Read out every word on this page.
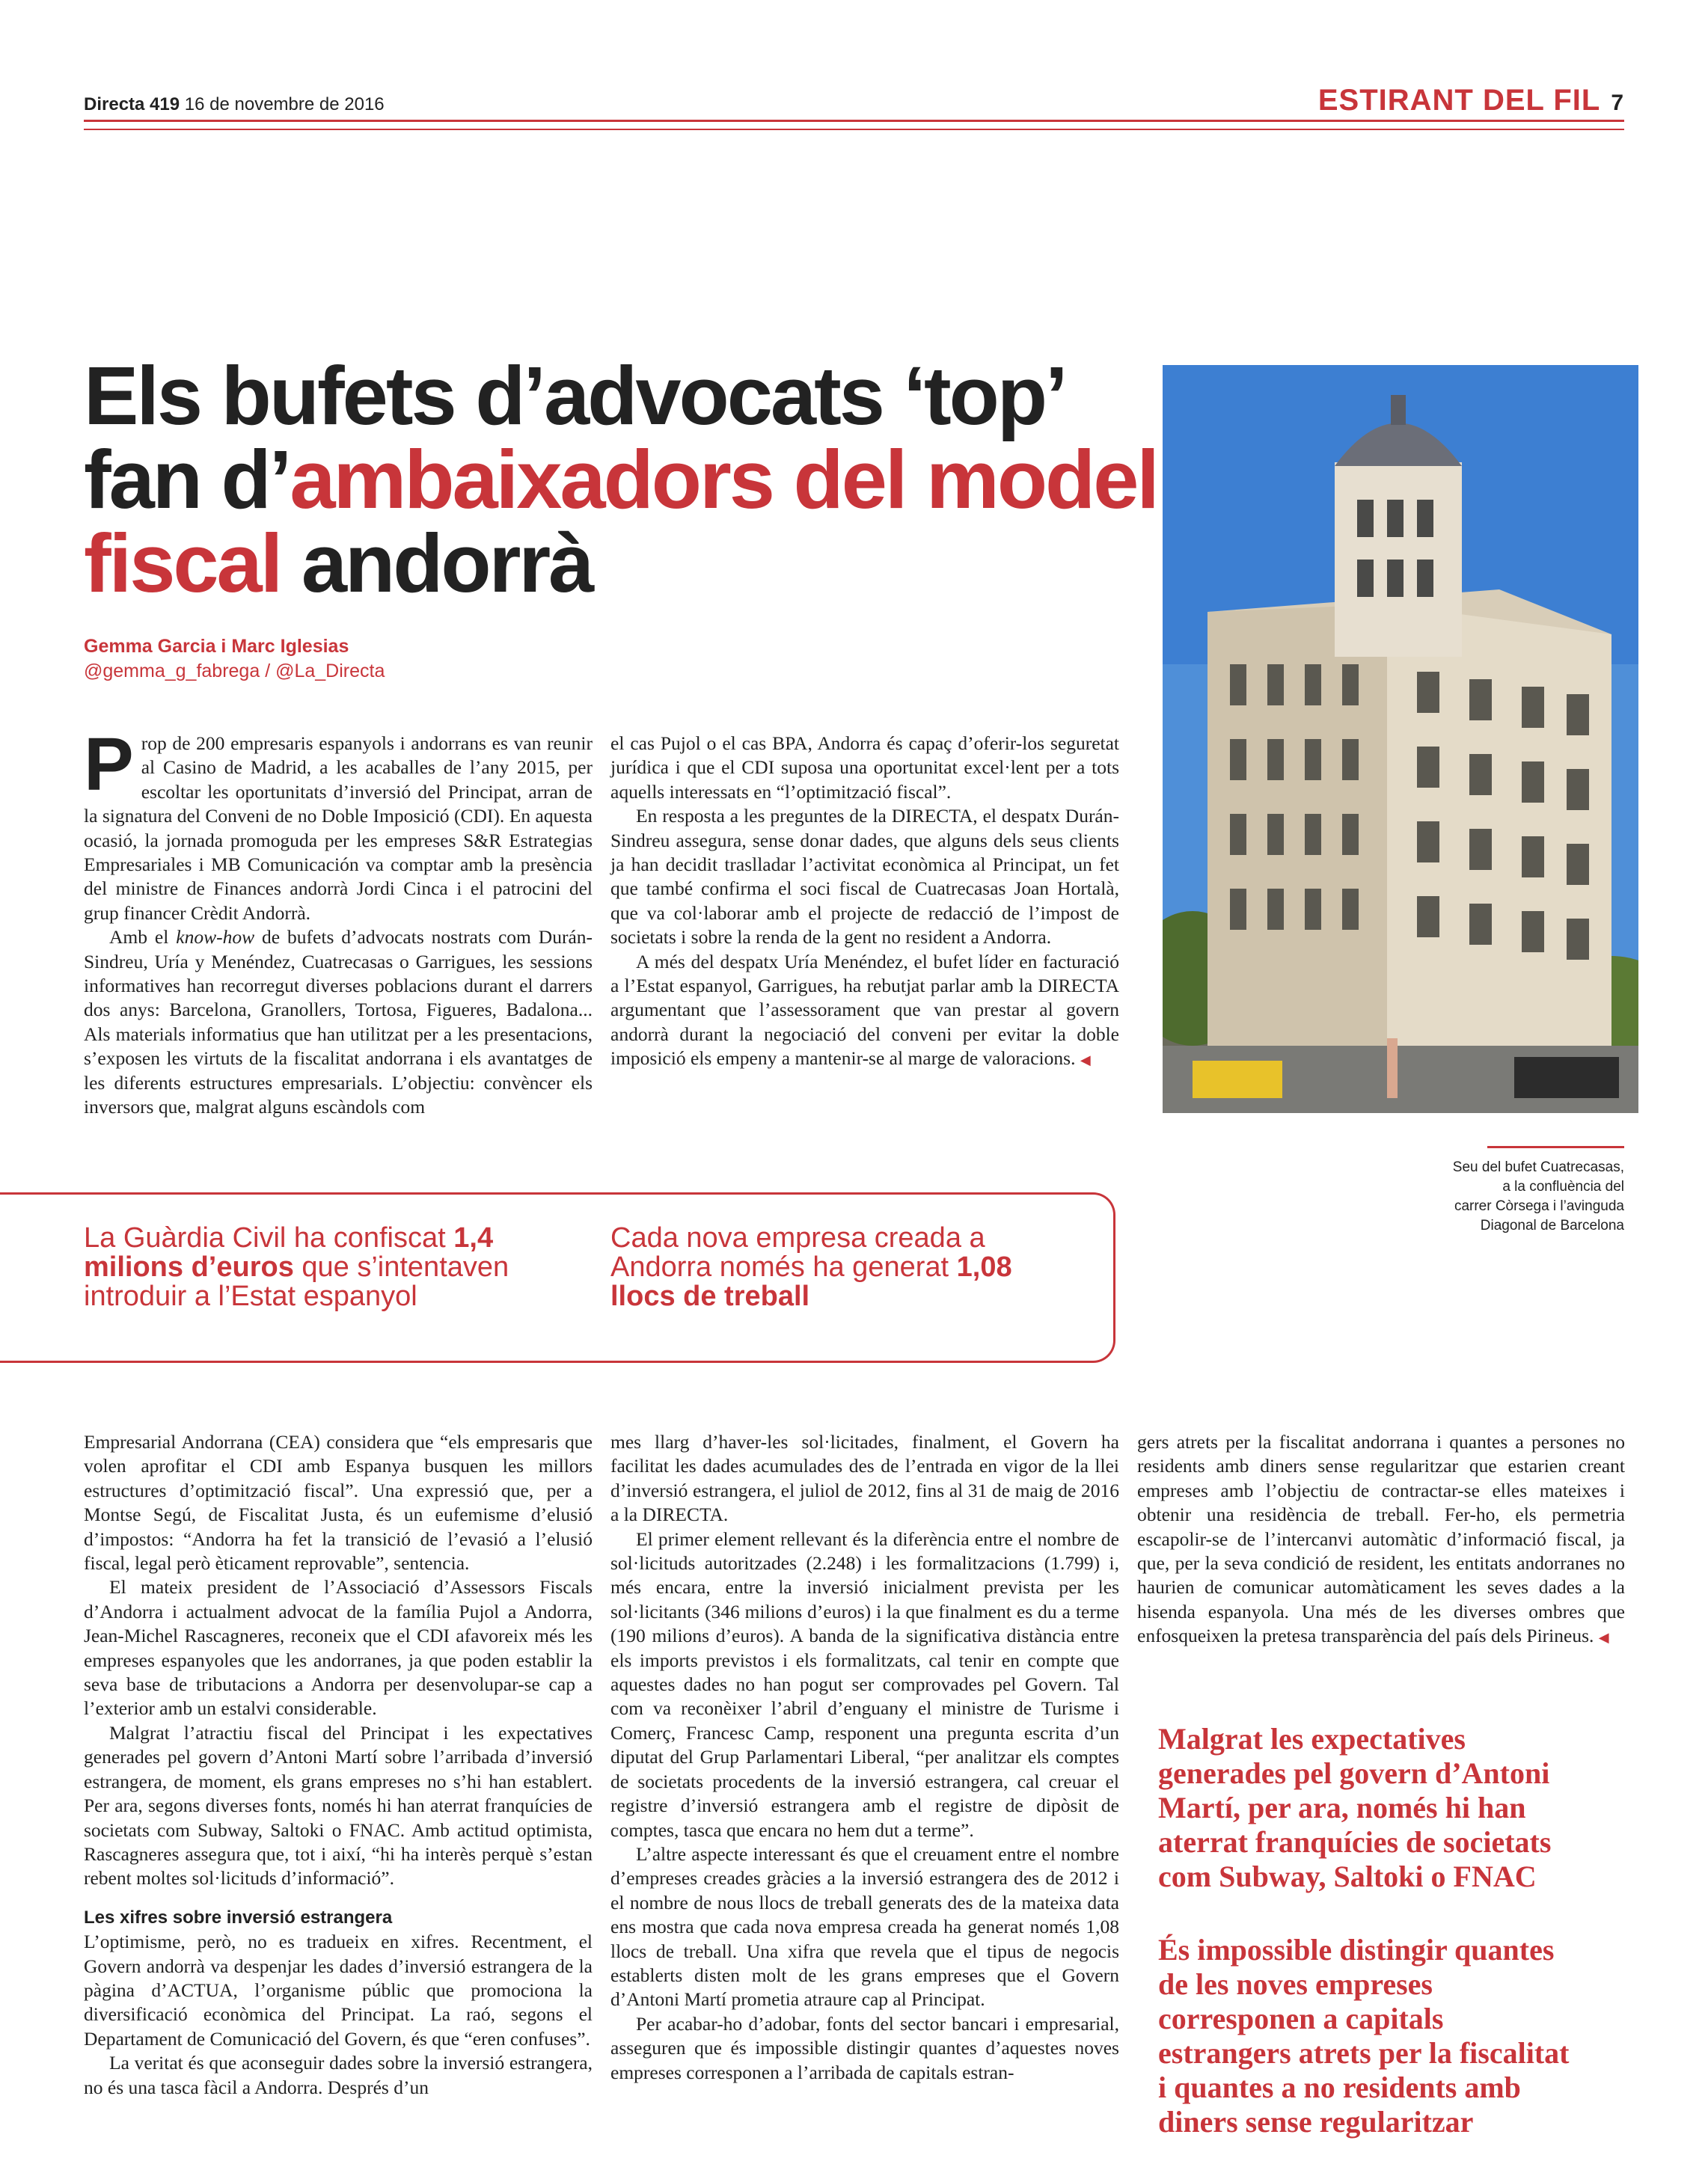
Directa 419 16 de novembre de 2016	ESTIRANT DEL FIL 7
Els bufets d’advocats ‘top’ fan d’ambaixadors del model fiscal andorrà
Gemma Garcia i Marc Iglesias
@gemma_g_fabrega / @La_Directa
Seu del bufet Cuatrecasas,
a la confluència del
carrer Còrsega i l’avinguda
Diagonal de Barcelona

Prop de 200 empresaris espanyols i andorrans es van reunir al Casino de Madrid, a les acaballes de l’any 2015, per escoltar les oportunitats d’inversió del Principat, arran de la signatura del Conveni de no Doble Imposició (CDI). En aquesta ocasió, la jornada promoguda per les empreses S&R Estrategias Empresariales i MB Comunicación va comptar amb la presència del ministre de Finances andorrà Jordi Cinca i el patrocini del grup financer Crèdit Andorrà.

Amb el know-how de bufets d’advocats nostrats com Durán-Sindreu, Uría y Menéndez, Cuatrecasas o Garrigues, les sessions informatives han recorregut diverses poblacions durant el darrers dos anys: Barcelona, Granollers, Tortosa, Figueres, Badalona... Als materials informatius que han utilitzat per a les presentacions, s’exposen les virtuts de la fiscalitat andorrana i els avantatges de les diferents estructures empresarials. L’objectiu: convèncer els inversors que, malgrat alguns escàndols com

el cas Pujol o el cas BPA, Andorra és capaç d’oferir-los seguretat jurídica i que el CDI suposa una oportunitat excel·lent per a tots aquells interessats en “l’optimització fiscal”.

En resposta a les preguntes de la DIRECTA, el despatx Durán-Sindreu assegura, sense donar dades, que alguns dels seus clients ja han decidit traslladar l’activitat econòmica al Principat, un fet que també confirma el soci fiscal de Cuatrecasas Joan Hortalà, que va col·laborar amb el projecte de redacció de l’impost de societats i sobre la renda de la gent no resident a Andorra.

A més del despatx Uría Menéndez, el bufet líder en facturació a l’Estat espanyol, Garrigues, ha rebutjat parlar amb la DIRECTA argumentant que l’assessorament que van prestar al govern andorrà durant la negociació del conveni per evitar la doble imposició els empeny a mantenir-se al marge de valoracions. ◀

La Guàrdia Civil ha confiscat 1,4 milions d’euros que s’intentaven introduir a l’Estat espanyol
Cada nova empresa creada a Andorra només ha generat 1,08 llocs de treball

Empresarial Andorrana (CEA) considera que “els empresaris que volen aprofitar el CDI amb Espanya busquen les millors estructures d’optimització fiscal”. Una expressió que, per a Montse Segú, de Fiscalitat Justa, és un eufemisme d’elusió d’impostos: “Andorra ha fet la transició de l’evasió a l’elusió fiscal, legal però èticament reprovable”, sentencia.

El mateix president de l’Associació d’Assessors Fiscals d’Andorra i actualment advocat de la família Pujol a Andorra, Jean-Michel Rascagneres, reconeix que el CDI afavoreix més les empreses espanyoles que les andorranes, ja que poden establir la seva base de tributacions a Andorra per desenvolupar-se cap a l’exterior amb un estalvi considerable.

Malgrat l’atractiu fiscal del Principat i les expectatives generades pel govern d’Antoni Martí sobre l’arribada d’inversió estrangera, de moment, els grans empreses no s’hi han establert. Per ara, segons diverses fonts, només hi han aterrat franquícies de societats com Subway, Saltoki o FNAC. Amb actitud optimista, Rascagneres assegura que, tot i així, “hi ha interès perquè s’estan rebent moltes sol·licituds d’informació”.

Les xifres sobre inversió estrangera

L’optimisme, però, no es tradueix en xifres. Recentment, el Govern andorrà va despenjar les dades d’inversió estrangera de la pàgina d’ACTUA, l’organisme públic que promociona la diversificació econòmica del Principat. La raó, segons el Departament de Comunicació del Govern, és que “eren confuses”.

La veritat és que aconseguir dades sobre la inversió estrangera, no és una tasca fàcil a Andorra. Després d’un

mes llarg d’haver-les sol·licitades, finalment, el Govern ha facilitat les dades acumulades des de l’entrada en vigor de la llei d’inversió estrangera, el juliol de 2012, fins al 31 de maig de 2016 a la DIRECTA.

El primer element rellevant és la diferència entre el nombre de sol·licituds autoritzades (2.248) i les formalitzacions (1.799) i, més encara, entre la inversió inicialment prevista per les sol·licitants (346 milions d’euros) i la que finalment es du a terme (190 milions d’euros). A banda de la significativa distància entre els imports previstos i els formalitzats, cal tenir en compte que aquestes dades no han pogut ser comprovades pel Govern. Tal com va reconèixer l’abril d’enguany el ministre de Turisme i Comerç, Francesc Camp, responent una pregunta escrita d’un diputat del Grup Parlamentari Liberal, “per analitzar els comptes de societats procedents de la inversió estrangera, cal creuar el registre d’inversió estrangera amb el registre de dipòsit de comptes, tasca que encara no hem dut a terme”.

L’altre aspecte interessant és que el creuament entre el nombre d’empreses creades gràcies a la inversió estrangera des de 2012 i el nombre de nous llocs de treball generats des de la mateixa data ens mostra que cada nova empresa creada ha generat només 1,08 llocs de treball. Una xifra que revela que el tipus de negocis establerts disten molt de les grans empreses que el Govern d’Antoni Martí prometia atraure cap al Principat.

Per acabar-ho d’adobar, fonts del sector bancari i empresarial, asseguren que és impossible distingir quantes d’aquestes noves empreses corresponen a l’arribada de capitals estran-

gers atrets per la fiscalitat andorrana i quantes a persones no residents amb diners sense regularitzar que estarien creant empreses amb l’objectiu de contractar-se elles mateixes i obtenir una residència de treball. Fer-ho, els permetria escapolir-se de l’intercanvi automàtic d’informació fiscal, ja que, per la seva condició de resident, les entitats andorranes no haurien de comunicar automàticament les seves dades a la hisenda espanyola. Una més de les diverses ombres que enfosqueixen la pretesa transparència del país dels Pirineus. ◀

Malgrat les expectatives generades pel govern d’Antoni Martí, per ara, només hi han aterrat franquícies de societats com Subway, Saltoki o FNAC
És impossible distingir quantes de les noves empreses corresponen a capitals estrangers atrets per la fiscalitat i quantes a no residents amb diners sense regularitzar
